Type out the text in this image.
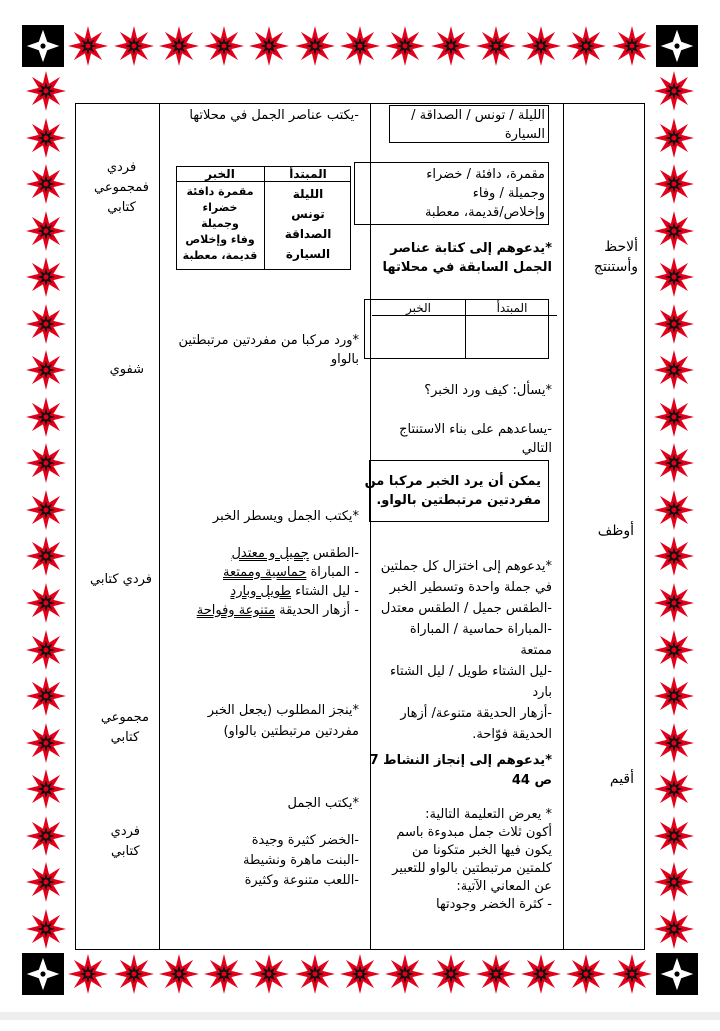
ألاحظ
وأستنتج
أوظف
أقيم
الليلة / تونس / الصداقة /
السيارة
مقمرة، دافئة / خضراء
وجميلة / وفاء
وإخلاص/قديمة، معطبة
*يدعوهم إلى كتابة عناصر
الجمل السابقة في محلاتها
المبتدأ
الخبر
*يسأل: كيف ورد الخبر؟
-يساعدهم على بناء الاستنتاج
التالي
يمكن أن يرد الخبر مركبا من
مفردتين مرتبطتين بالواو.
*يدعوهم إلى اختزال كل جملتين
في جملة واحدة وتسطير الخبر
-الطقس جميل / الطقس معتدل
-المباراة حماسية / المباراة
ممتعة
-ليل الشتاء طويل / ليل الشتاء
بارد
-أزهار الحديقة متنوعة/ أزهار
الحديقة فوّاحة.
*يدعوهم إلى إنجاز النشاط 7
ص 44
* يعرض التعليمة التالية:
أكون ثلاث جمل مبدوءة باسم
يكون فيها الخبر متكونا من
كلمتين مرتبطتين بالواو للتعبير
عن المعاني الآتية:
- كثرة الخضر وجودتها
-يكتب عناصر الجمل في محلاتها
المبتدأ
الخبر
الليلة
تونس
الصداقة
السيارة
مقمرة دافئة
خضراء
وجميلة
وفاء وإخلاص
قديمة، معطبة
*ورد مركبا من مفردتين مرتبطتين
بالواو
*يكتب الجمل ويسطر الخبر
-الطقس جميل و معتدل
- المباراة حماسية وممتعة
- ليل الشتاء طويل وبارد
- أزهار الحديقة متنوعة وفواحة
*ينجز المطلوب (يجعل الخبر
مفردتين مرتبطتين بالواو)
*يكتب الجمل
-الخضر كثيرة وجيدة
-البنت ماهرة ونشيطة
-اللعب متنوعة وكثيرة
فردي
فمجموعي
كتابي
شفوي
فردي كتابي
مجموعي
كتابي
فردي
كتابي
